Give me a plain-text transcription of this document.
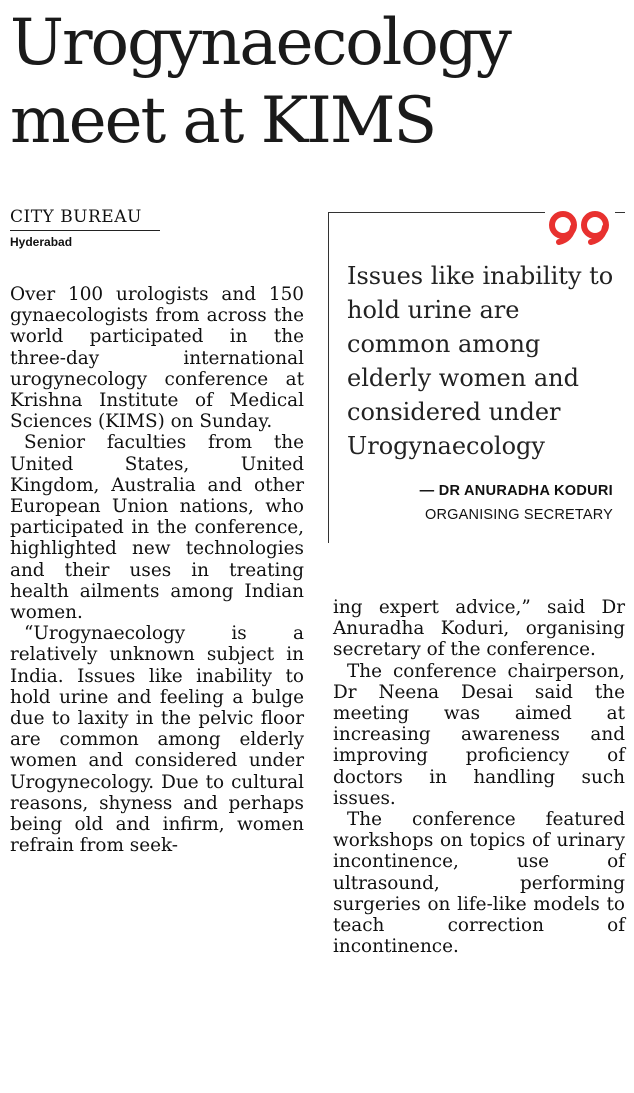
Urogynaecology
meet at KIMS
CITY BUREAU
Hyderabad

Over 100 urologists and 150 gynaecologists from across the world participated in the three-day international urogynecology conference at Krishna Institute of Medical Sciences (KIMS) on Sunday.

Senior faculties from the United States, United Kingdom, Australia and other European Union nations, who participated in the conference, highlighted new technologies and their uses in treating health ailments among Indian women.

“Urogynaecology is a relatively unknown subject in India. Issues like inability to hold urine and feeling a bulge due to laxity in the pelvic floor are common among elderly women and considered under Urogynecology. Due to cultural reasons, shyness and perhaps being old and infirm, women refrain from seek-

Issues like inability to hold urine are common among elderly women and considered under Urogynaecology

— DR ANURADHA KODURI
ORGANISING SECRETARY

ing expert advice,” said Dr Anuradha Koduri, organising secretary of the conference.

The conference chairperson, Dr Neena Desai said the meeting was aimed at increasing awareness and improving proficiency of doctors in handling such issues.

The conference featured workshops on topics of urinary incontinence, use of ultrasound, performing surgeries on life-like models to teach correction of incontinence.
